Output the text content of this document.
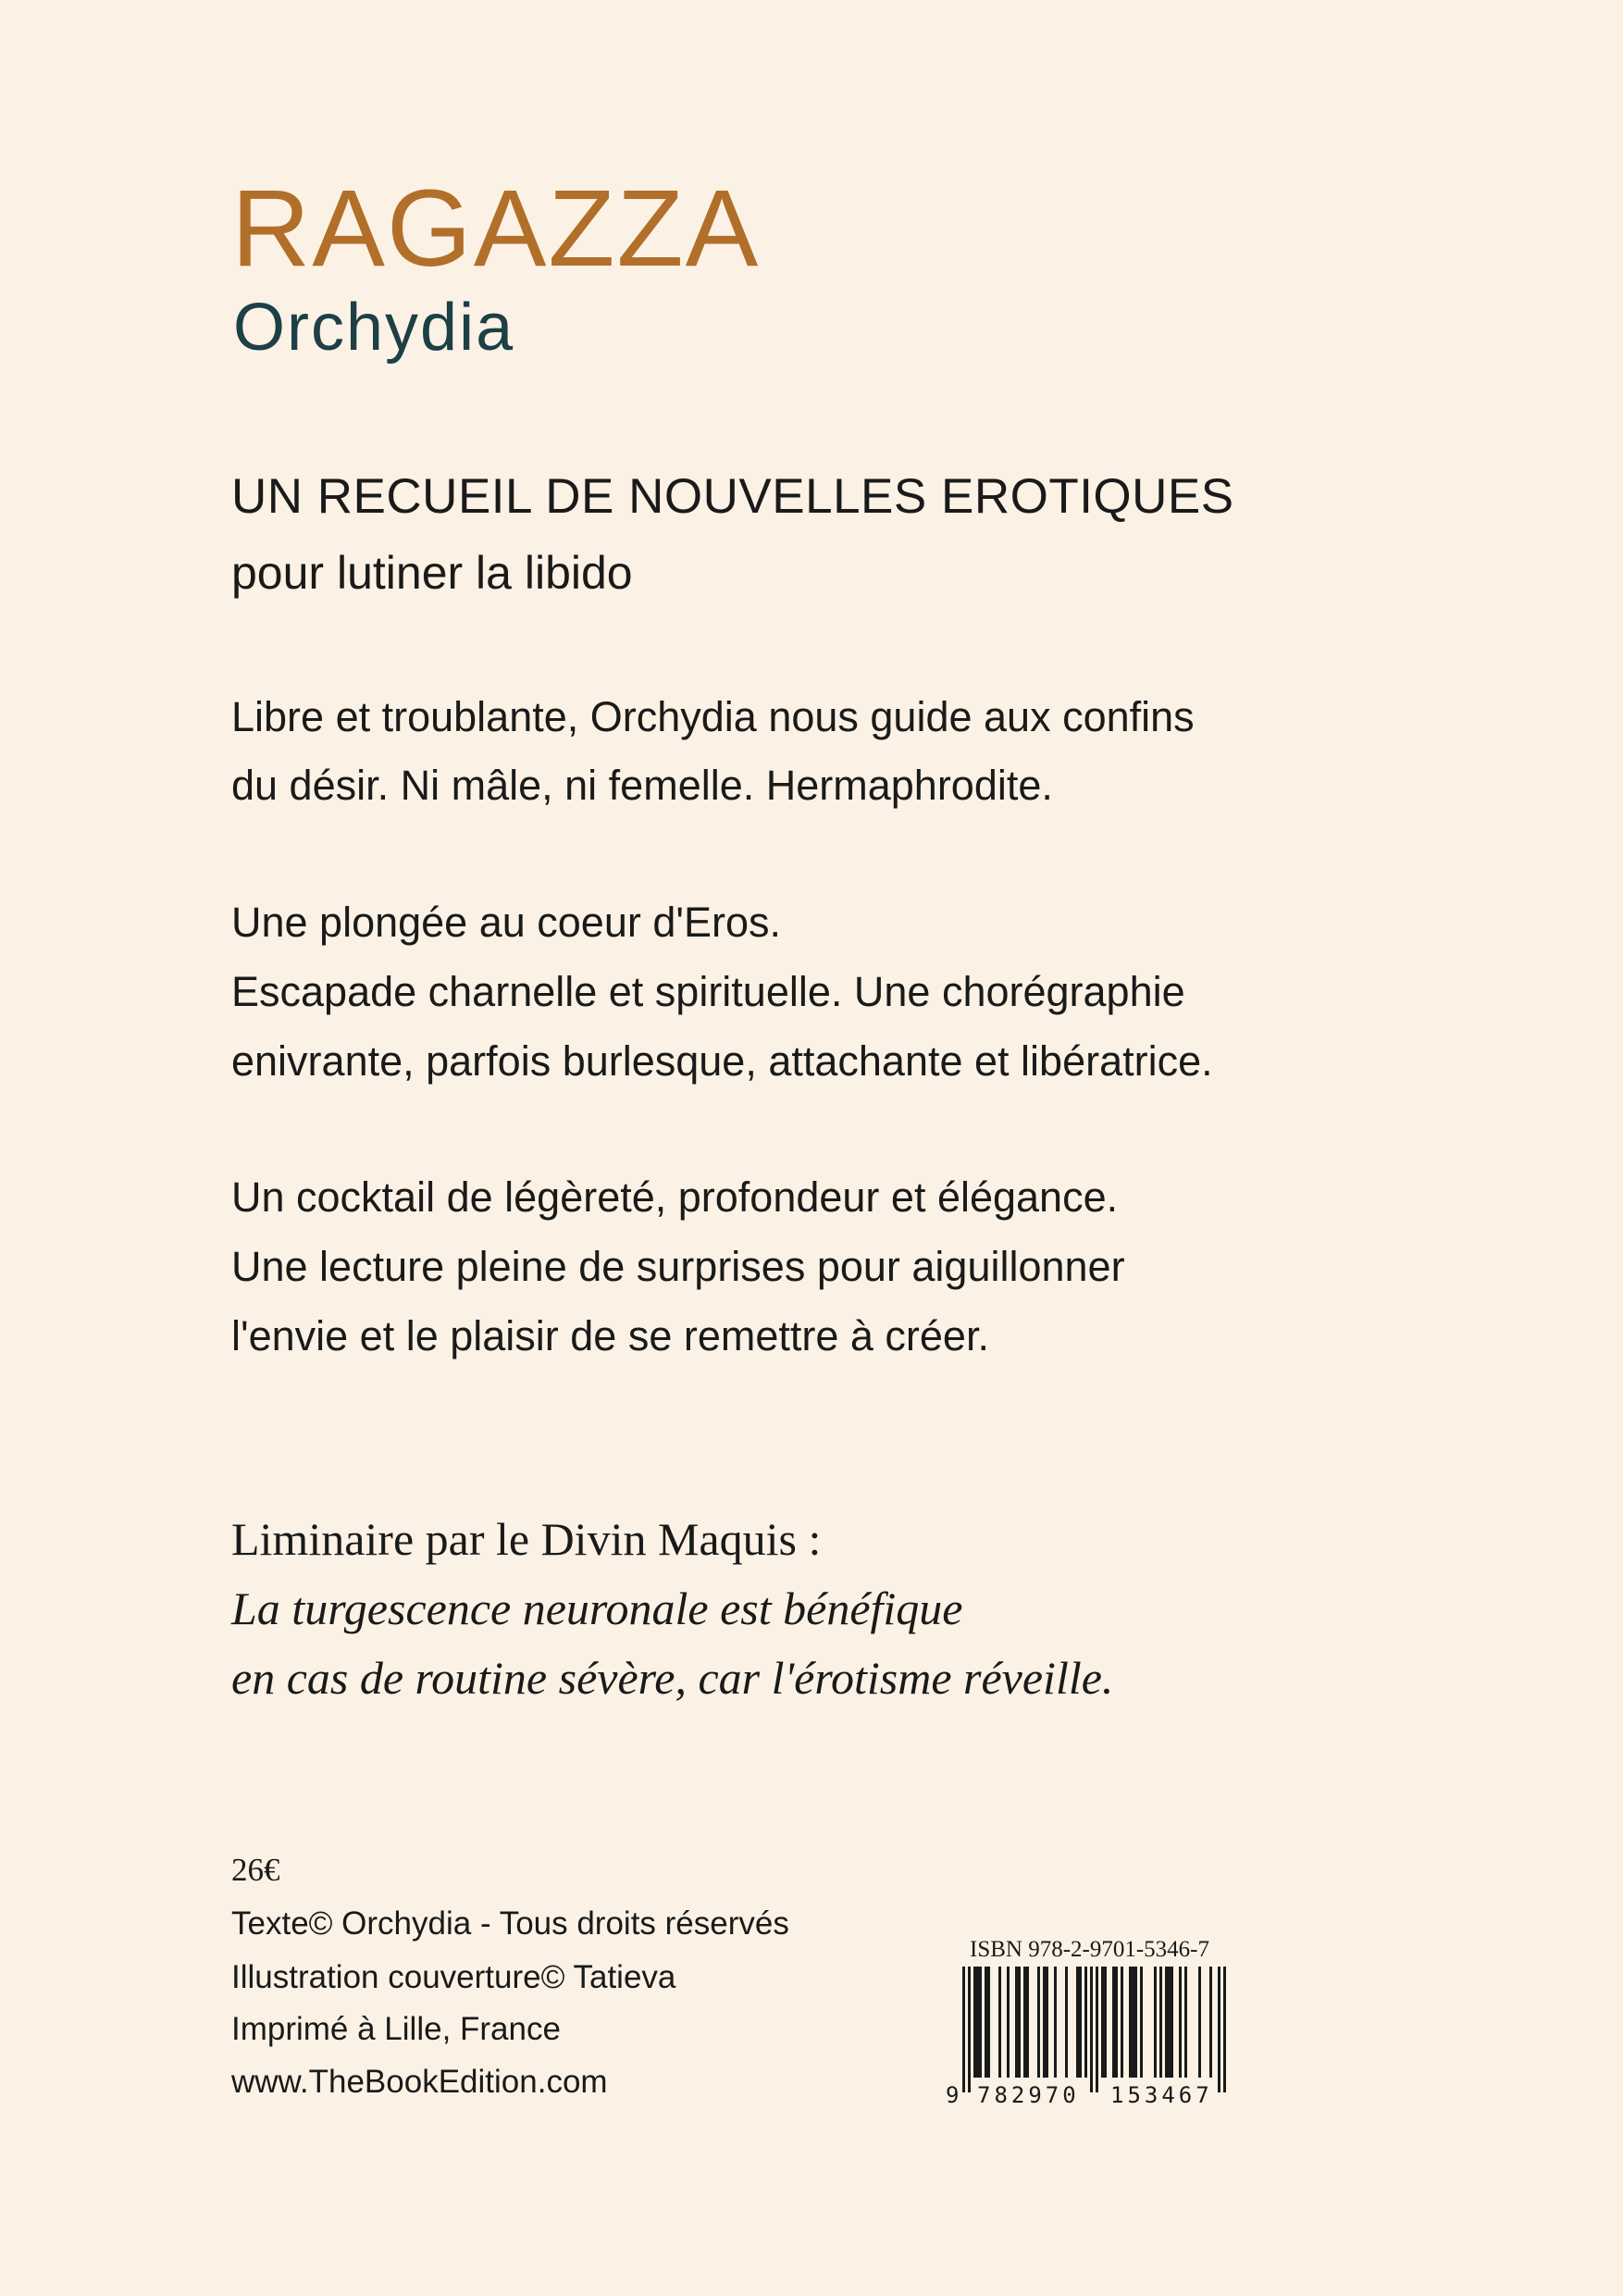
RAGAZZA
Orchydia
UN RECUEIL DE NOUVELLES EROTIQUES
pour lutiner la libido
Libre et troublante, Orchydia nous guide aux confins
du désir. Ni mâle, ni femelle. Hermaphrodite.
Une plongée au coeur d'Eros.
Escapade charnelle et spirituelle. Une chorégraphie
enivrante, parfois burlesque, attachante et libératrice.
Un cocktail de légèreté, profondeur et élégance.
Une lecture pleine de surprises pour aiguillonner
l'envie et le plaisir de se remettre à créer.
Liminaire par le Divin Maquis :
La turgescence neuronale est bénéfique
en cas de routine sévère, car l'érotisme réveille.
26€
Texte© Orchydia - Tous droits réservés
Illustration couverture© Tatieva
Imprimé à Lille, France
www.TheBookEdition.com
ISBN 978-2-9701-5346-7
9 782970 153467
